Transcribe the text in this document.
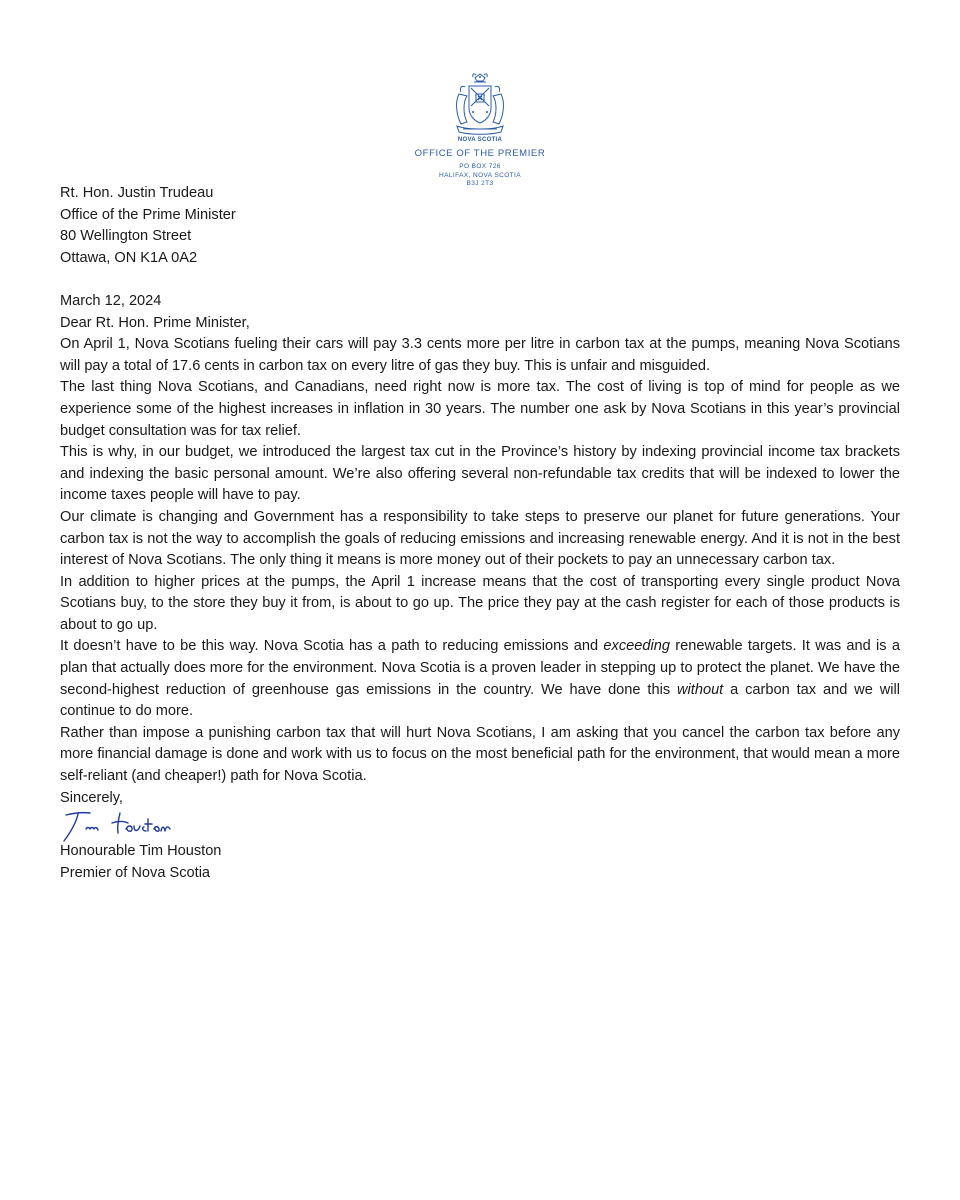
NOVA SCOTIA
OFFICE OF THE PREMIER
PO BOX 726
HALIFAX, NOVA SCOTIA
B3J 2T3

Rt. Hon. Justin Trudeau

Office of the Prime Minister

80 Wellington Street

Ottawa, ON K1A 0A2

March 12, 2024

Dear Rt. Hon. Prime Minister,

On April 1, Nova Scotians fueling their cars will pay 3.3 cents more per litre in carbon tax at the pumps, meaning Nova Scotians will pay a total of 17.6 cents in carbon tax on every litre of gas they buy. This is unfair and misguided.

The last thing Nova Scotians, and Canadians, need right now is more tax. The cost of living is top of mind for people as we experience some of the highest increases in inflation in 30 years. The number one ask by Nova Scotians in this year’s provincial budget consultation was for tax relief.

This is why, in our budget, we introduced the largest tax cut in the Province’s history by indexing provincial income tax brackets and indexing the basic personal amount. We’re also offering several non-refundable tax credits that will be indexed to lower the income taxes people will have to pay.

Our climate is changing and Government has a responsibility to take steps to preserve our planet for future generations. Your carbon tax is not the way to accomplish the goals of reducing emissions and increasing renewable energy. And it is not in the best interest of Nova Scotians. The only thing it means is more money out of their pockets to pay an unnecessary carbon tax.

In addition to higher prices at the pumps, the April 1 increase means that the cost of transporting every single product Nova Scotians buy, to the store they buy it from, is about to go up. The price they pay at the cash register for each of those products is about to go up.

It doesn’t have to be this way. Nova Scotia has a path to reducing emissions and exceeding renewable targets. It was and is a plan that actually does more for the environment. Nova Scotia is a proven leader in stepping up to protect the planet. We have the second-highest reduction of greenhouse gas emissions in the country. We have done this without a carbon tax and we will continue to do more.

Rather than impose a punishing carbon tax that will hurt Nova Scotians, I am asking that you cancel the carbon tax before any more financial damage is done and work with us to focus on the most beneficial path for the environment, that would mean a more self-reliant (and cheaper!) path for Nova Scotia.

Sincerely,

Honourable Tim Houston

Premier of Nova Scotia
